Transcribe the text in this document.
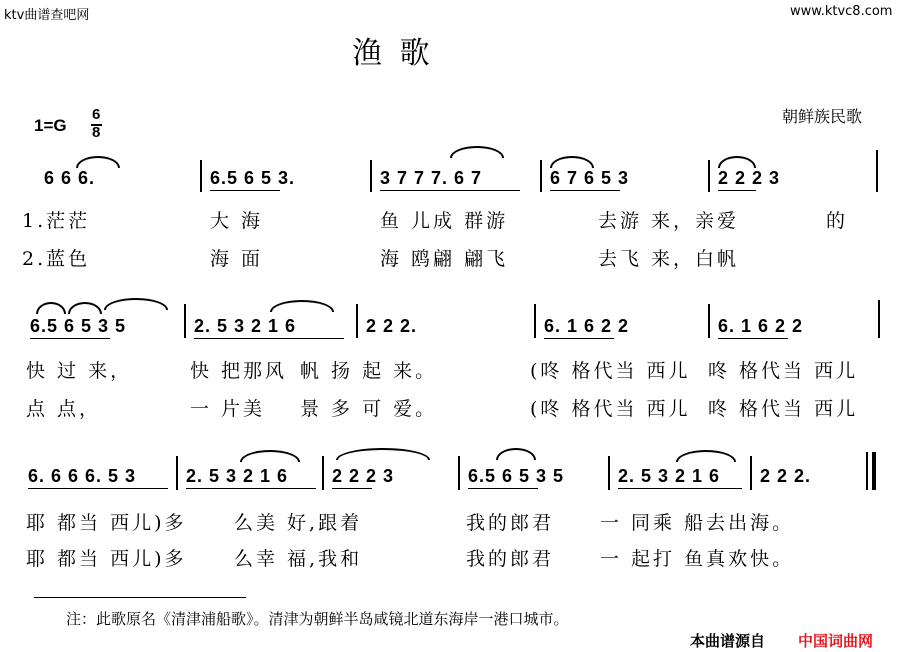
ktv曲谱查吧网	www.ktvc8.com
渔 歌
1=G
6
8
朝鲜族民歌
6 6 6.	6.5 6 5 3.	3 7 7 7. 6 7	6 7 6 5 3	2 2 2 3
1.茫茫	大 海	鱼 儿成 群游	去游 来，亲爱	的
2.蓝色	海 面	海 鸥翩 翩飞	去飞 来，白帆
6.5 6 5 3 5	2. 5 3 2 1 6	2 2 2.	6. 1 6 2 2	6. 1 6 2 2
快 过 来，	快 把那风 帆 扬 起 来。	(咚 格代当 西儿 咚 格代当 西儿
点 点，	一 片美 景 多 可 爱。	(咚 格代当 西儿 咚 格代当 西儿
6. 6 6 6. 5 3	2. 5 3 2 1 6 2 2 2 3	6.5 6 5 3 5	2. 5 3 2 1 6 2 2 2.
耶 都当 西儿)多	么美 好,跟着	我的郎君 一 同乘 船去出海。
耶 都当 西儿)多	么幸 福,我和	我的郎君 一 起打 鱼真欢快。
注：此歌原名《清津浦船歌》。清津为朝鲜半岛咸镜北道东海岸一港口城市。
本曲谱源自 中国词曲网
